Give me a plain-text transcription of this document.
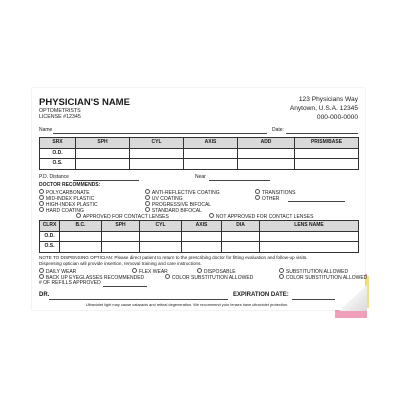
PHYSICIAN'S NAME
OPTOMETRISTS
LICENSE #12345
123 Physicians Way
Anytown, U.S.A. 12345
000-000-0000
Name	Date:
SRX	SPH	CYL	AXIS	ADD	PRISM/BASE
O.D.					
O.S.					
P.D. Distance	Near
DOCTOR RECOMMENDS:
POLYCARBONATE
MID-INDEX PLASTIC
HIGH-INDEX PLASTIC
HARD COATING
ANTI-REFLECTIVE COATING
UV COATING
PROGRESSIVE BIFOCAL
STANDARD BIFOCAL
TRANSITIONS
OTHER
APPROVED FOR CONTACT LENSES	NOT APPROVED FOR CONTACT LENSES
CLRX	B.C.	SPH	CYL	AXIS	DIA	LENS NAME
O.D.						
O.S.						
NOTE TO DISPENSING OPTICIAN: Please direct patient to return to the prescribing doctor for fitting evaluation and follow-up visits.
Dispensing optician will provide insertion, removal training and care instructions.
DAILY WEAR
BACK UP EYEGLASSES RECOMMENDED
# OF REFILLS APPROVED
FLEX WEAR
COLOR SUBSTITUTION ALLOWED
DISPOSABLE	SUBSTITUTION ALLOWED
COLOR SUBSTITUTION ALLOWED
DR.	EXPIRATION DATE:
Ultraviolet light may cause cataracts and retinal degeneration. We recommend your lenses have ultraviolet protection.
